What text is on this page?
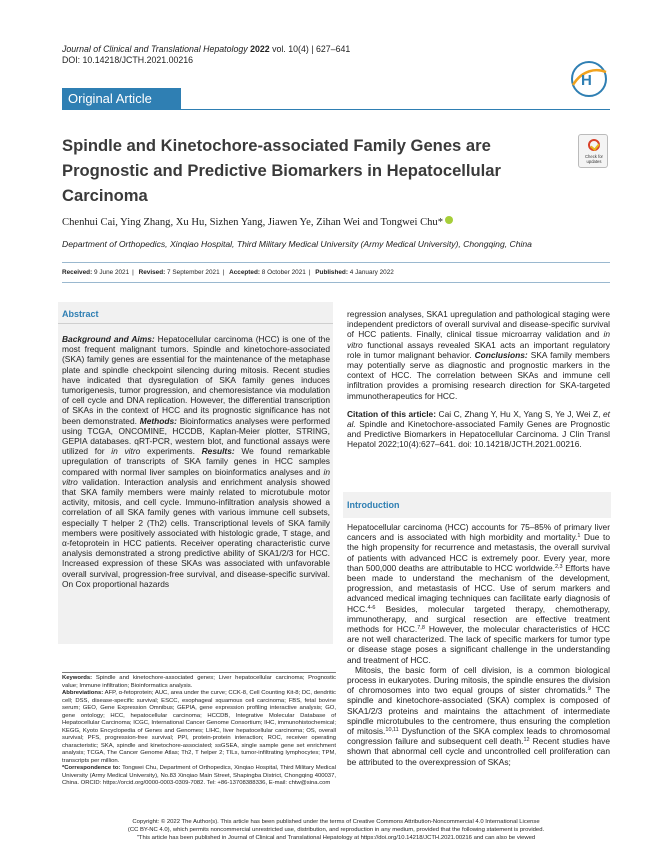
Journal of Clinical and Translational Hepatology 2022 vol. 10(4) | 627–641
DOI: 10.14218/JCTH.2021.00216
H
Original Article
Check for updates
Spindle and Kinetochore-associated Family Genes are Prognostic and Predictive Biomarkers in Hepatocellular Carcinoma
Chenhui Cai, Ying Zhang, Xu Hu, Sizhen Yang, Jiawen Ye, Zihan Wei and Tongwei Chu*
Department of Orthopedics, Xinqiao Hospital, Third Military Medical University (Army Medical University), Chongqing, China
Received: 9 June 2021 | Revised: 7 September 2021 | Accepted: 8 October 2021 | Published: 4 January 2022
Abstract

Background and Aims: Hepatocellular carcinoma (HCC) is one of the most frequent malignant tumors. Spindle and kinetochore-associated (SKA) family genes are essential for the maintenance of the metaphase plate and spindle checkpoint silencing during mitosis. Recent studies have indicated that dysregulation of SKA family genes induces tumorigenesis, tumor progression, and chemoresistance via modulation of cell cycle and DNA replication. However, the differential transcription of SKAs in the context of HCC and its prognostic significance has not been demonstrated. Methods: Bioinformatics analyses were performed using TCGA, ONCOMINE, HCCDB, Kaplan-Meier plotter, STRING, GEPIA databases. qRT-PCR, western blot, and functional assays were utilized for in vitro experiments. Results: We found remarkable upregulation of transcripts of SKA family genes in HCC samples compared with normal liver samples on bioinformatics analyses and in vitro validation. Interaction analysis and enrichment analysis showed that SKA family members were mainly related to microtubule motor activity, mitosis, and cell cycle. Immuno-infiltration analysis showed a correlation of all SKA family genes with various immune cell subsets, especially T helper 2 (Th2) cells. Transcriptional levels of SKA family members were positively associated with histologic grade, T stage, and α-fetoprotein in HCC patients. Receiver operating characteristic curve analysis demonstrated a strong predictive ability of SKA1/2/3 for HCC. Increased expression of these SKAs was associated with unfavorable overall survival, progression-free survival, and disease-specific survival. On Cox proportional hazards

regression analyses, SKA1 upregulation and pathological staging were independent predictors of overall survival and disease-specific survival of HCC patients. Finally, clinical tissue microarray validation and in vitro functional assays revealed SKA1 acts an important regulatory role in tumor malignant behavior. Conclusions: SKA family members may potentially serve as diagnostic and prognostic markers in the context of HCC. The correlation between SKAs and immune cell infiltration provides a promising research direction for SKA-targeted immunotherapeutics for HCC.

Citation of this article: Cai C, Zhang Y, Hu X, Yang S, Ye J, Wei Z, et al. Spindle and Kinetochore-associated Family Genes are Prognostic and Predictive Biomarkers in Hepatocellular Carcinoma. J Clin Transl Hepatol 2022;10(4):627–641. doi: 10.14218/JCTH.2021.00216.

Introduction

Hepatocellular carcinoma (HCC) accounts for 75–85% of primary liver cancers and is associated with high morbidity and mortality.$^1$ Due to the high propensity for recurrence and metastasis, the overall survival of patients with advanced HCC is extremely poor. Every year, more than 500,000 deaths are attributable to HCC worldwide.$^{2,3}$ Efforts have been made to understand the mechanism of the development, progression, and metastasis of HCC. Use of serum markers and advanced medical imaging techniques can facilitate early diagnosis of HCC.$^{4-6}$ Besides, molecular targeted therapy, chemotherapy, immunotherapy, and surgical resection are effective treatment methods for HCC.$^{7,8}$ However, the molecular characteristics of HCC are not well characterized. The lack of specific markers for tumor type or disease stage poses a significant challenge in the understanding and treatment of HCC.

Mitosis, the basic form of cell division, is a common biological process in eukaryotes. During mitosis, the spindle ensures the division of chromosomes into two equal groups of sister chromatids.$^9$ The spindle and kinetochore-associated (SKA) complex is composed of SKA1/2/3 proteins and maintains the attachment of intermediate spindle microtubules to the centromere, thus ensuring the completion of mitosis.$^{10,11}$ Dysfunction of the SKA complex leads to chromosomal congression failure and subsequent cell death.$^{12}$ Recent studies have shown that abnormal cell cycle and uncontrolled cell proliferation can be attributed to the overexpression of SKAs;

Keywords: Spindle and kinetochore-associated genes; Liver hepatocellular carcinoma; Prognostic value; Immune infiltration; Bioinformatics analysis.

Abbreviations: AFP, α-fetoprotein; AUC, area under the curve; CCK-8, Cell Counting Kit-8; DC, dendritic cell; DSS, disease-specific survival; ESCC, esophageal squamous cell carcinoma; FBS, fetal bovine serum; GEO, Gene Expression Omnibus; GEPIA, gene expression profiling interactive analysis; GO, gene ontology; HCC, hepatocellular carcinoma; HCCDB, Integrative Molecular Database of Hepatocellular Carcinoma; ICGC, International Cancer Genome Consortium; IHC, immunohistochemical; KEGG, Kyoto Encyclopedia of Genes and Genomes; LIHC, liver hepatocellular carcinoma; OS, overall survival; PFS, progression-free survival; PPI, protein-protein interaction; ROC, receiver operating characteristic; SKA, spindle and kinetochore-associated; ssGSEA, single sample gene set enrichment analysis; TCGA, The Cancer Genome Atlas; Th2, T helper 2; TILs, tumor-infiltrating lymphocytes; TPM, transcripts per million.

*Correspondence to: Tongwei Chu, Department of Orthopedics, Xinqiao Hospital, Third Military Medical University (Army Medical University), No.83 Xinqiao Main Street, Shapingba District, Chongqing 400037, China. ORCID: https://orcid.org/0000-0003-0309-7082. Tel: +86-13708388336, E-mail: chtw@sina.com

Copyright: © 2022 The Author(s). This article has been published under the terms of Creative Commons Attribution-Noncommercial 4.0 International License
(CC BY-NC 4.0), which permits noncommercial unrestricted use, distribution, and reproduction in any medium, provided that the following statement is provided.
"This article has been published in Journal of Clinical and Translational Hepatology at https://doi.org/10.14218/JCTH.2021.00216 and can also be viewed
